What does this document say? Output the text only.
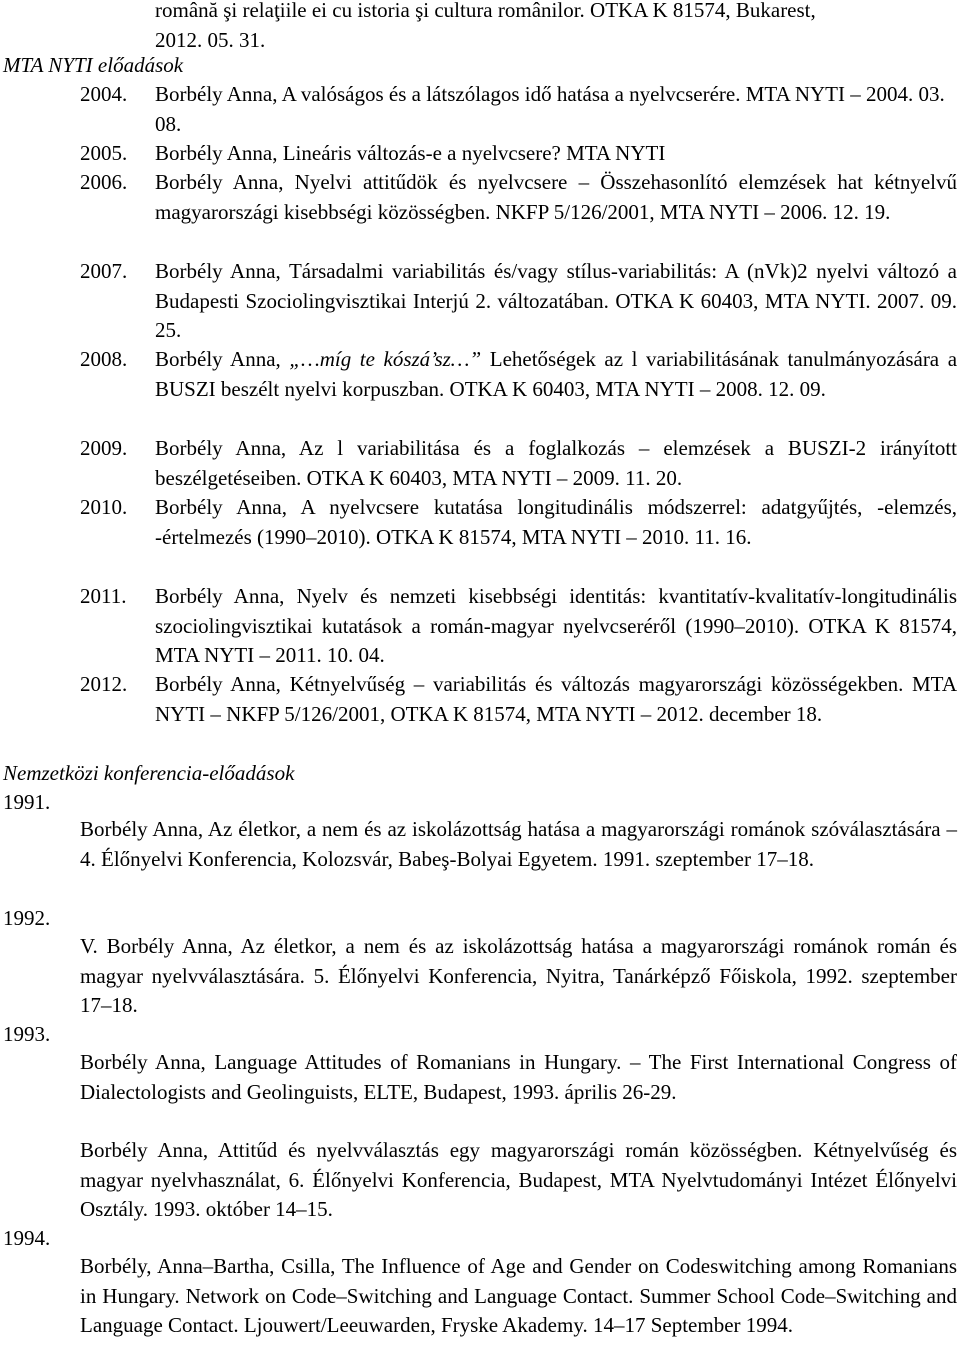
română şi relaţiile ei cu istoria şi cultura românilor. OTKA K 81574, Bukarest,
2012. 05. 31.
MTA NYTI előadások
2004. Borbély Anna, A valóságos és a látszólagos idő hatása a nyelvcserére. MTA NYTI – 2004. 03. 08.
2005. Borbély Anna, Lineáris változás-e a nyelvcsere? MTA NYTI
2006. Borbély Anna, Nyelvi attitűdök és nyelvcsere – Összehasonlító elemzések hat kétnyelvű magyarországi kisebbségi közösségben. NKFP 5/126/2001, MTA NYTI – 2006. 12. 19.
2007. Borbély Anna, Társadalmi variabilitás és/vagy stílus-variabilitás: A (nVk)2 nyelvi változó a Budapesti Szociolingvisztikai Interjú 2. változatában. OTKA K 60403, MTA NYTI. 2007. 09. 25.
2008. Borbély Anna, „…míg te kószá’sz…” Lehetőségek az l variabilitásának tanulmányozására a BUSZI beszélt nyelvi korpuszban. OTKA K 60403, MTA NYTI – 2008. 12. 09.
2009. Borbély Anna, Az l variabilitása és a foglalkozás – elemzések a BUSZI-2 irányított beszélgetéseiben. OTKA K 60403, MTA NYTI – 2009. 11. 20.
2010. Borbély Anna, A nyelvcsere kutatása longitudinális módszerrel: adatgyűjtés, -elemzés, -értelmezés (1990–2010). OTKA K 81574, MTA NYTI – 2010. 11. 16.
2011. Borbély Anna, Nyelv és nemzeti kisebbségi identitás: kvantitatív-kvalitatív-longitudinális szociolingvisztikai kutatások a román-magyar nyelvcseréről (1990–2010). OTKA K 81574, MTA NYTI – 2011. 10. 04.
2012. Borbély Anna, Kétnyelvűség – variabilitás és változás magyarországi közösségekben. MTA NYTI – NKFP 5/126/2001, OTKA K 81574, MTA NYTI – 2012. december 18.
Nemzetközi konferencia-előadások
1991.
Borbély Anna, Az életkor, a nem és az iskolázottság hatása a magyarországi románok szóválasztására – 4. Élőnyelvi Konferencia, Kolozsvár, Babeş-Bolyai Egyetem. 1991. szeptember 17–18.
1992.
V. Borbély Anna, Az életkor, a nem és az iskolázottság hatása a magyarországi románok román és magyar nyelvválasztására. 5. Élőnyelvi Konferencia, Nyitra, Tanárképző Főiskola, 1992. szeptember 17–18.
1993.
Borbély Anna, Language Attitudes of Romanians in Hungary. – The First International Congress of Dialectologists and Geolinguists, ELTE, Budapest, 1993. április 26-29.
Borbély Anna, Attitűd és nyelvválasztás egy magyarországi román közösségben. Kétnyelvűség és magyar nyelvhasználat, 6. Élőnyelvi Konferencia, Budapest, MTA Nyelvtudományi Intézet Élőnyelvi Osztály. 1993. október 14–15.
1994.
Borbély, Anna–Bartha, Csilla, The Influence of Age and Gender on Codeswitching among Romanians in Hungary. Network on Code–Switching and Language Contact. Summer School Code–Switching and Language Contact. Ljouwert/Leeuwarden, Fryske Akademy. 14–17 September 1994.
